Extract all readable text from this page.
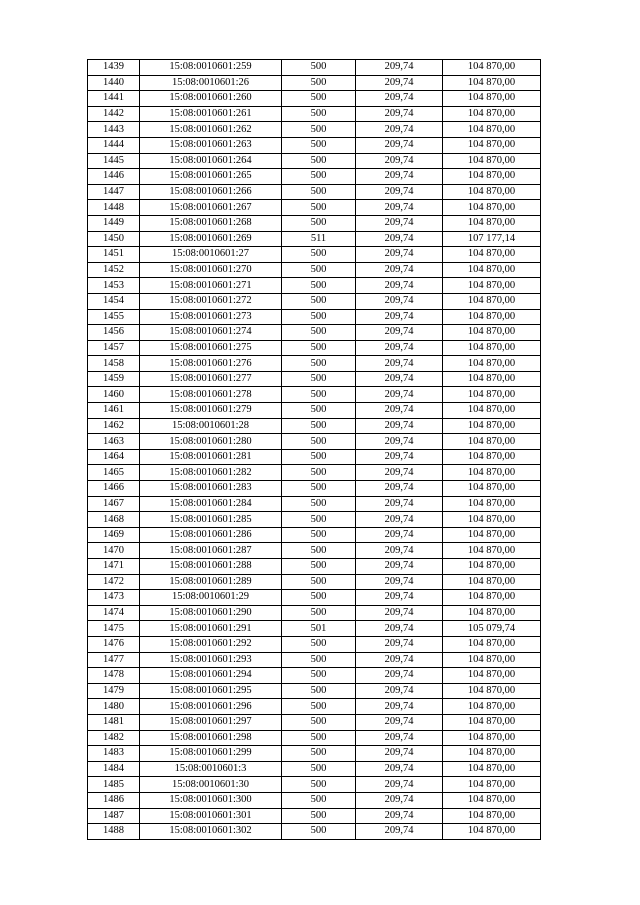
1439	15:08:0010601:259	500	209,74	104 870,00
1440	15:08:0010601:26	500	209,74	104 870,00
1441	15:08:0010601:260	500	209,74	104 870,00
1442	15:08:0010601:261	500	209,74	104 870,00
1443	15:08:0010601:262	500	209,74	104 870,00
1444	15:08:0010601:263	500	209,74	104 870,00
1445	15:08:0010601:264	500	209,74	104 870,00
1446	15:08:0010601:265	500	209,74	104 870,00
1447	15:08:0010601:266	500	209,74	104 870,00
1448	15:08:0010601:267	500	209,74	104 870,00
1449	15:08:0010601:268	500	209,74	104 870,00
1450	15:08:0010601:269	511	209,74	107 177,14
1451	15:08:0010601:27	500	209,74	104 870,00
1452	15:08:0010601:270	500	209,74	104 870,00
1453	15:08:0010601:271	500	209,74	104 870,00
1454	15:08:0010601:272	500	209,74	104 870,00
1455	15:08:0010601:273	500	209,74	104 870,00
1456	15:08:0010601:274	500	209,74	104 870,00
1457	15:08:0010601:275	500	209,74	104 870,00
1458	15:08:0010601:276	500	209,74	104 870,00
1459	15:08:0010601:277	500	209,74	104 870,00
1460	15:08:0010601:278	500	209,74	104 870,00
1461	15:08:0010601:279	500	209,74	104 870,00
1462	15:08:0010601:28	500	209,74	104 870,00
1463	15:08:0010601:280	500	209,74	104 870,00
1464	15:08:0010601:281	500	209,74	104 870,00
1465	15:08:0010601:282	500	209,74	104 870,00
1466	15:08:0010601:283	500	209,74	104 870,00
1467	15:08:0010601:284	500	209,74	104 870,00
1468	15:08:0010601:285	500	209,74	104 870,00
1469	15:08:0010601:286	500	209,74	104 870,00
1470	15:08:0010601:287	500	209,74	104 870,00
1471	15:08:0010601:288	500	209,74	104 870,00
1472	15:08:0010601:289	500	209,74	104 870,00
1473	15:08:0010601:29	500	209,74	104 870,00
1474	15:08:0010601:290	500	209,74	104 870,00
1475	15:08:0010601:291	501	209,74	105 079,74
1476	15:08:0010601:292	500	209,74	104 870,00
1477	15:08:0010601:293	500	209,74	104 870,00
1478	15:08:0010601:294	500	209,74	104 870,00
1479	15:08:0010601:295	500	209,74	104 870,00
1480	15:08:0010601:296	500	209,74	104 870,00
1481	15:08:0010601:297	500	209,74	104 870,00
1482	15:08:0010601:298	500	209,74	104 870,00
1483	15:08:0010601:299	500	209,74	104 870,00
1484	15:08:0010601:3	500	209,74	104 870,00
1485	15:08:0010601:30	500	209,74	104 870,00
1486	15:08:0010601:300	500	209,74	104 870,00
1487	15:08:0010601:301	500	209,74	104 870,00
1488	15:08:0010601:302	500	209,74	104 870,00
